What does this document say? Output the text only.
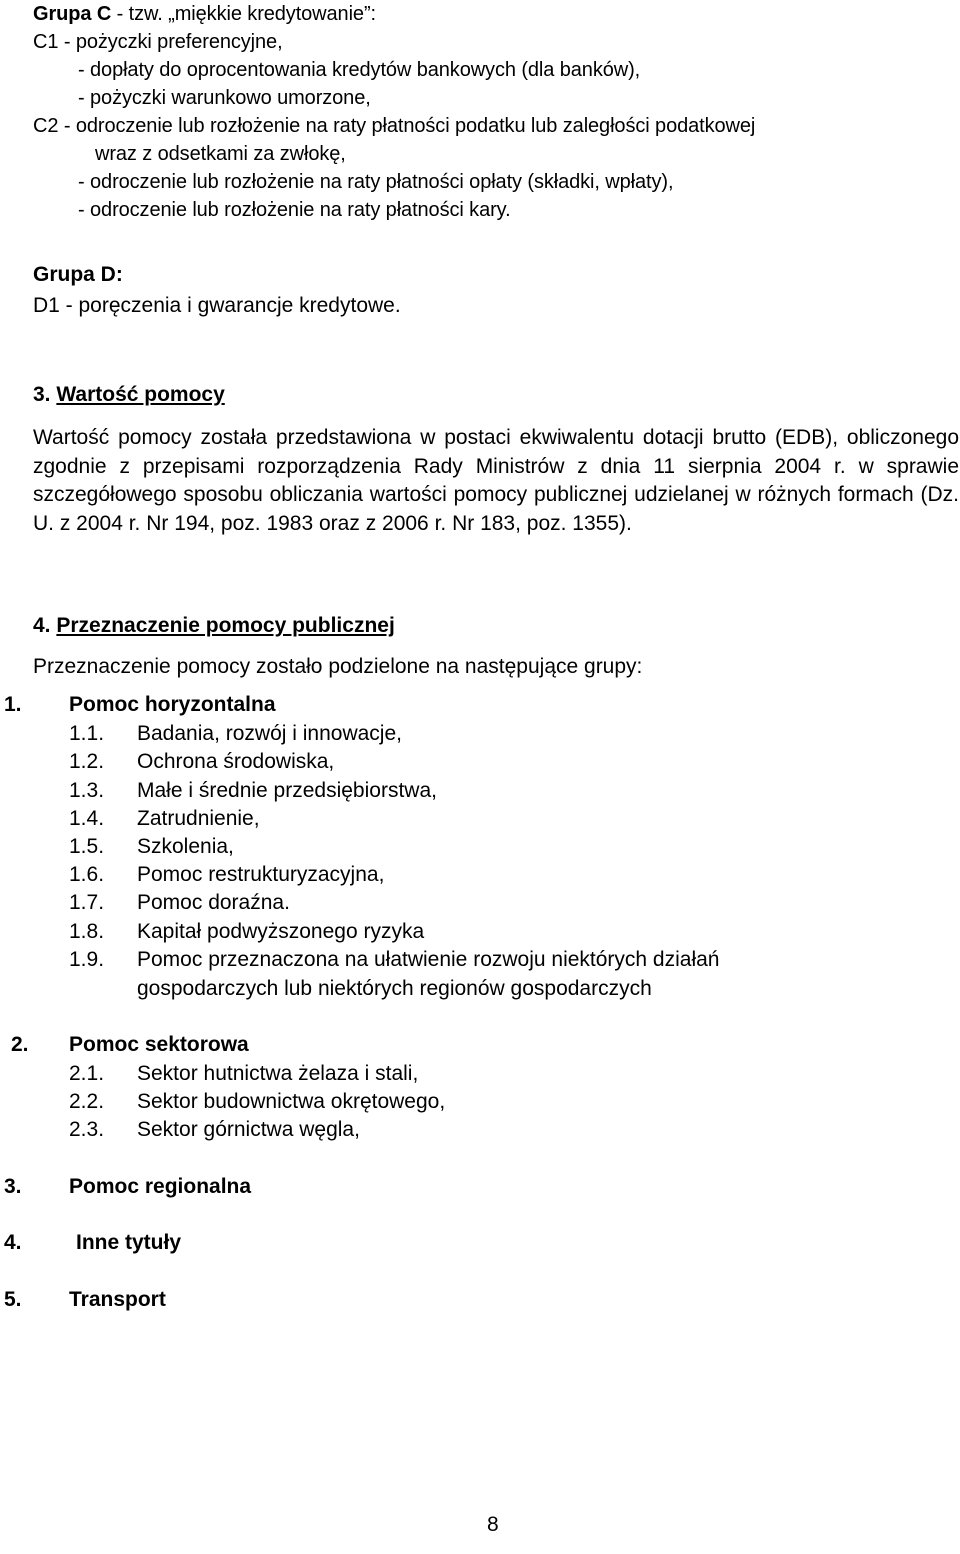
Grupa C - tzw. „miękkie kredytowanie”:
C1 - pożyczki preferencyjne,
- dopłaty do oprocentowania kredytów bankowych (dla banków),
- pożyczki warunkowo umorzone,
C2 - odroczenie lub rozłożenie na raty płatności podatku lub zaległości podatkowej
wraz z odsetkami za zwłokę,
- odroczenie lub rozłożenie na raty płatności opłaty (składki, wpłaty),
- odroczenie lub rozłożenie na raty płatności kary.
Grupa D:
D1 - poręczenia i gwarancje kredytowe.
3. Wartość pomocy

Wartość pomocy została przedstawiona w postaci ekwiwalentu dotacji brutto (EDB), obliczonego zgodnie z przepisami rozporządzenia Rady Ministrów z dnia 11 sierpnia 2004 r. w sprawie szczegółowego sposobu obliczania wartości pomocy publicznej udzielanej w różnych formach (Dz. U. z 2004 r. Nr 194, poz. 1983 oraz z 2006 r. Nr 183, poz. 1355).

4. Przeznaczenie pomocy publicznej
Przeznaczenie pomocy zostało podzielone na następujące grupy:
1. Pomoc horyzontalna
1.1. Badania, rozwój i innowacje,
1.2. Ochrona środowiska,
1.3. Małe i średnie przedsiębiorstwa,
1.4. Zatrudnienie,
1.5. Szkolenia,
1.6. Pomoc restrukturyzacyjna,
1.7. Pomoc doraźna.
1.8. Kapitał podwyższonego ryzyka
1.9. Pomoc przeznaczona na ułatwienie rozwoju niektórych działań
gospodarczych lub niektórych regionów gospodarczych
2. Pomoc sektorowa
2.1. Sektor hutnictwa żelaza i stali,
2.2. Sektor budownictwa okrętowego,
2.3. Sektor górnictwa węgla,
3. Pomoc regionalna
4.	Inne tytuły
5. Transport
8
